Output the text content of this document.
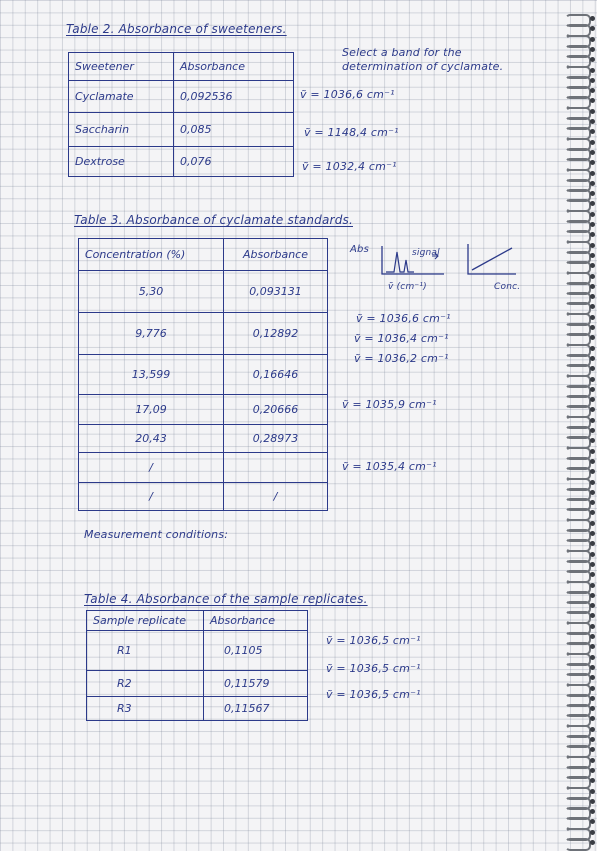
Table 2. Absorbance of sweeteners.
Sweetener	Absorbance
Cyclamate	0,092536
Saccharin	0,085
Dextrose	0,076
Select a band for the
determination of cyclamate.
ṽ = 1036,6 cm⁻¹
ṽ = 1148,4 cm⁻¹
ṽ = 1032,4 cm⁻¹
Table 3. Absorbance of cyclamate standards.
Concentration (%)	Absorbance
5,30	0,093131
9,776	0,12892
13,599	0,16646
17,09	0,20666
20,43	0,28973
/	
/	/
Abs	signal
ṽ (cm⁻¹)	Conc.
ṽ = 1036,6 cm⁻¹
ṽ = 1036,4 cm⁻¹
ṽ = 1036,2 cm⁻¹
ṽ = 1035,9 cm⁻¹
ṽ = 1035,4 cm⁻¹
Measurement conditions:
Table 4. Absorbance of the sample replicates.
Sample replicate	Absorbance
R1	0,1105
R2	0,11579
R3	0,11567
ṽ = 1036,5 cm⁻¹
ṽ = 1036,5 cm⁻¹
ṽ = 1036,5 cm⁻¹
